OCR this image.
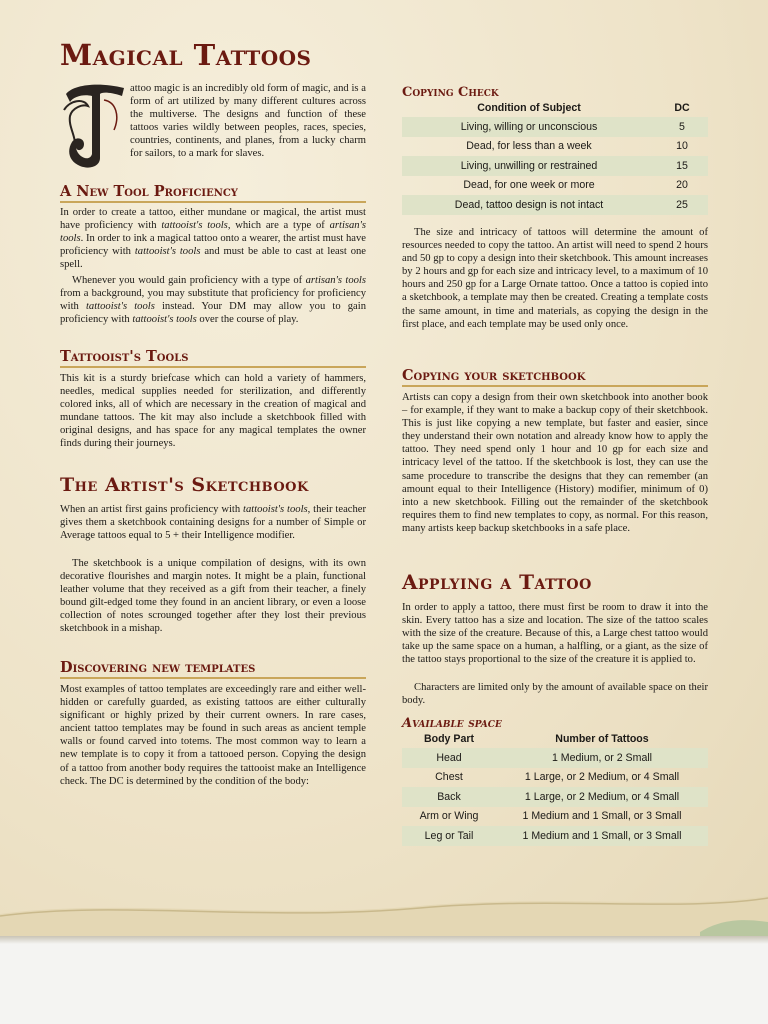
Magical Tattoos
attoo magic is an incredibly old form of magic, and is a form of art utilized by many different cultures across the multiverse. The designs and function of these tattoos varies wildly between peoples, races, species, countries, continents, and planes, from a lucky charm for sailors, to a mark for slaves.
A New Tool Proficiency
In order to create a tattoo, either mundane or magical, the artist must have proficiency with tattooist's tools, which are a type of artisan's tools. In order to ink a magical tattoo onto a wearer, the artist must have proficiency with tattooist's tools and must be able to cast at least one spell.
Whenever you would gain proficiency with a type of artisan's tools from a background, you may substitute that proficiency for proficiency with tattooist's tools instead. Your DM may allow you to gain proficiency with tattooist's tools over the course of play.
Tattooist's Tools
This kit is a sturdy briefcase which can hold a variety of hammers, needles, medical supplies needed for sterilization, and differently colored inks, all of which are necessary in the creation of magical and mundane tattoos. The kit may also include a sketchbook filled with original designs, and has space for any magical templates the owner finds during their journeys.
The Artist's Sketchbook
When an artist first gains proficiency with tattooist's tools, their teacher gives them a sketchbook containing designs for a number of Simple or Average tattoos equal to 5 + their Intelligence modifier.
The sketchbook is a unique compilation of designs, with its own decorative flourishes and margin notes. It might be a plain, functional leather volume that they received as a gift from their teacher, a finely bound gilt-edged tome they found in an ancient library, or even a loose collection of notes scrounged together after they lost their previous sketchbook in a mishap.
Discovering new templates
Most examples of tattoo templates are exceedingly rare and either well-hidden or carefully guarded, as existing tattoos are either culturally significant or highly prized by their current owners. In rare cases, ancient tattoo templates may be found in such areas as ancient temple walls or found carved into totems. The most common way to learn a new template is to copy it from a tattooed person. Copying the design of a tattoo from another body requires the tattooist make an Intelligence check. The DC is determined by the condition of the body:
Copying Check
Condition of Subject	DC
Living, willing or unconscious	5
Dead, for less than a week	10
Living, unwilling or restrained	15
Dead, for one week or more	20
Dead, tattoo design is not intact	25
The size and intricacy of tattoos will determine the amount of resources needed to copy the tattoo. An artist will need to spend 2 hours and 50 gp to copy a design into their sketchbook. This amount increases by 2 hours and gp for each size and intricacy level, to a maximum of 10 hours and 250 gp for a Large Ornate tattoo. Once a tattoo is copied into a sketchbook, a template may then be created. Creating a template costs the same amount, in time and materials, as copying the design in the first place, and each template may be used only once.
Copying your sketchbook
Artists can copy a design from their own sketchbook into another book – for example, if they want to make a backup copy of their sketchbook. This is just like copying a new template, but faster and easier, since they understand their own notation and already know how to apply the tattoo. They need spend only 1 hour and 10 gp for each size and intricacy level of the tattoo. If the sketchbook is lost, they can use the same procedure to transcribe the designs that they can remember (an amount equal to their Intelligence (History) modifier, minimum of 0) into a new sketchbook. Filling out the remainder of the sketchbook requires them to find new templates to copy, as normal. For this reason, many artists keep backup sketchbooks in a safe place.
Applying a Tattoo
In order to apply a tattoo, there must first be room to draw it into the skin. Every tattoo has a size and location. The size of the tattoo scales with the size of the creature. Because of this, a Large chest tattoo would take up the same space on a human, a halfling, or a giant, as the size of the tattoo stays proportional to the size of the creature it is applied to.
Characters are limited only by the amount of available space on their body.
Available space
Body Part	Number of Tattoos
Head	1 Medium, or 2 Small
Chest	1 Large, or 2 Medium, or 4 Small
Back	1 Large, or 2 Medium, or 4 Small
Arm or Wing	1 Medium and 1 Small, or 3 Small
Leg or Tail	1 Medium and 1 Small, or 3 Small
